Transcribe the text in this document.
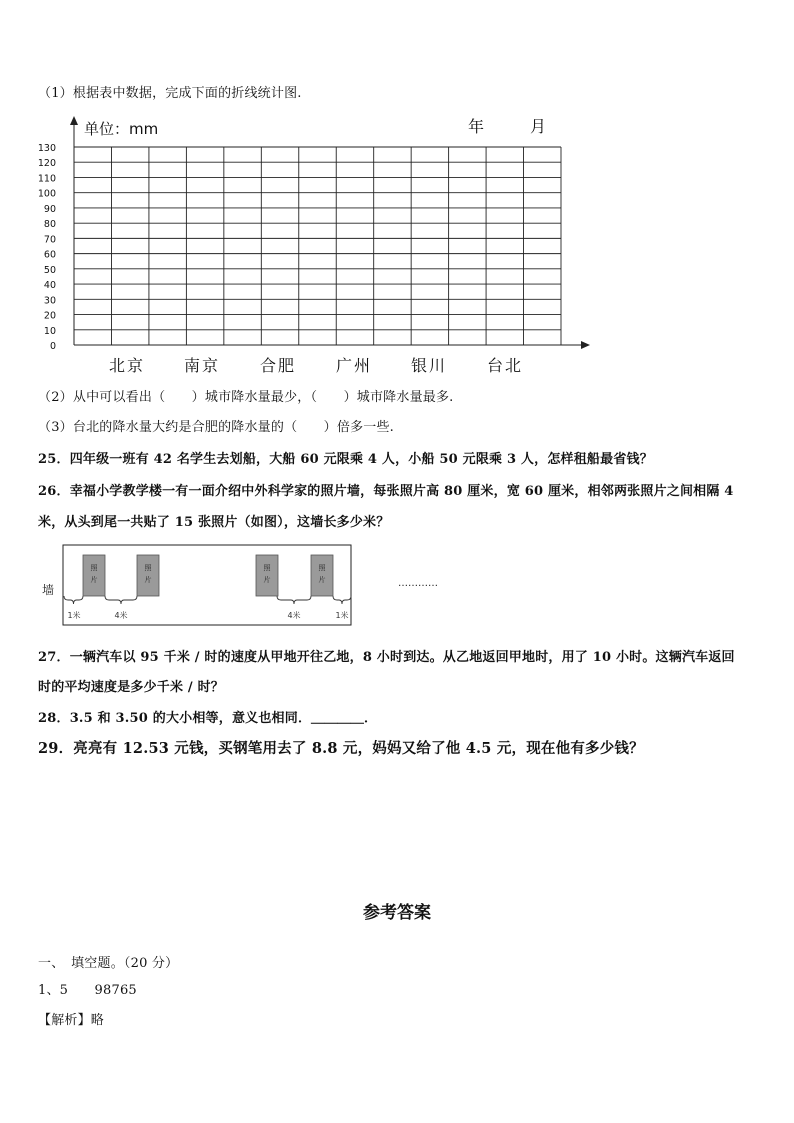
（1）根据表中数据，完成下面的折线统计图.
0
10
20
30
40
50
60
70
80
90
100
110
120
130
单位：mm	年	月
北京 南京 合肥 广州 银川 台北
（2）从中可以看出（　　）城市降水量最少，（　　）城市降水量最多.
（3）台北的降水量大约是合肥的降水量的（　　）倍多一些.
25．四年级一班有 42 名学生去划船，大船 60 元限乘 4 人，小船 50 元限乘 3 人，怎样租船最省钱？
26．幸福小学教学楼一有一面介绍中外科学家的照片墙，每张照片高 80 厘米，宽 60 厘米，相邻两张照片之间相隔 4
米，从头到尾一共贴了 15 张照片（如图），这墙长多少米？
墙
照
片
照
片
照
片
照
片
1米	4米	4米	1米
…………
27．一辆汽车以 95 千米 / 时的速度从甲地开往乙地，8 小时到达。从乙地返回甲地时，用了 10 小时。这辆汽车返回
时的平均速度是多少千米 / 时？
28．3.5 和 3.50 的大小相等，意义也相同．＿＿＿＿．
29．亮亮有 12.53 元钱，买钢笔用去了 8.8 元，妈妈又给了他 4.5 元，现在他有多少钱？
参考答案
一、　填空题。（20 分）
1、5　　98765
【解析】略
